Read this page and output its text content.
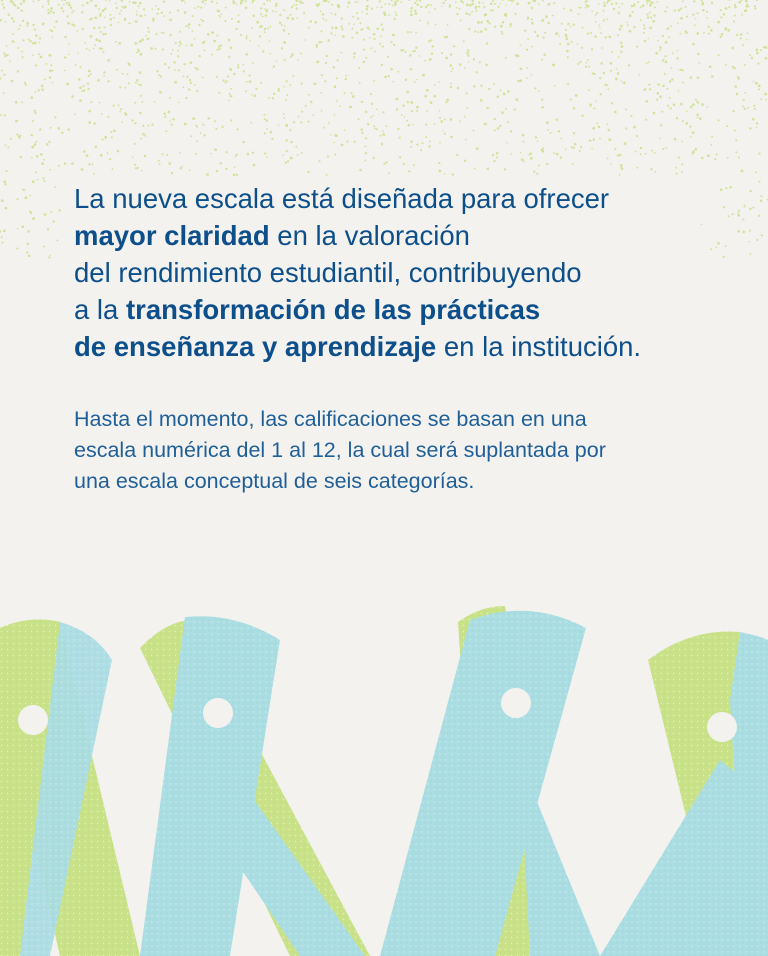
La nueva escala está diseñada para ofrecer
mayor claridad en la valoración
del rendimiento estudiantil, contribuyendo
a la transformación de las prácticas
de enseñanza y aprendizaje en la institución.

Hasta el momento, las calificaciones se basan en una
escala numérica del 1 al 12, la cual será suplantada por
una escala conceptual de seis categorías.
